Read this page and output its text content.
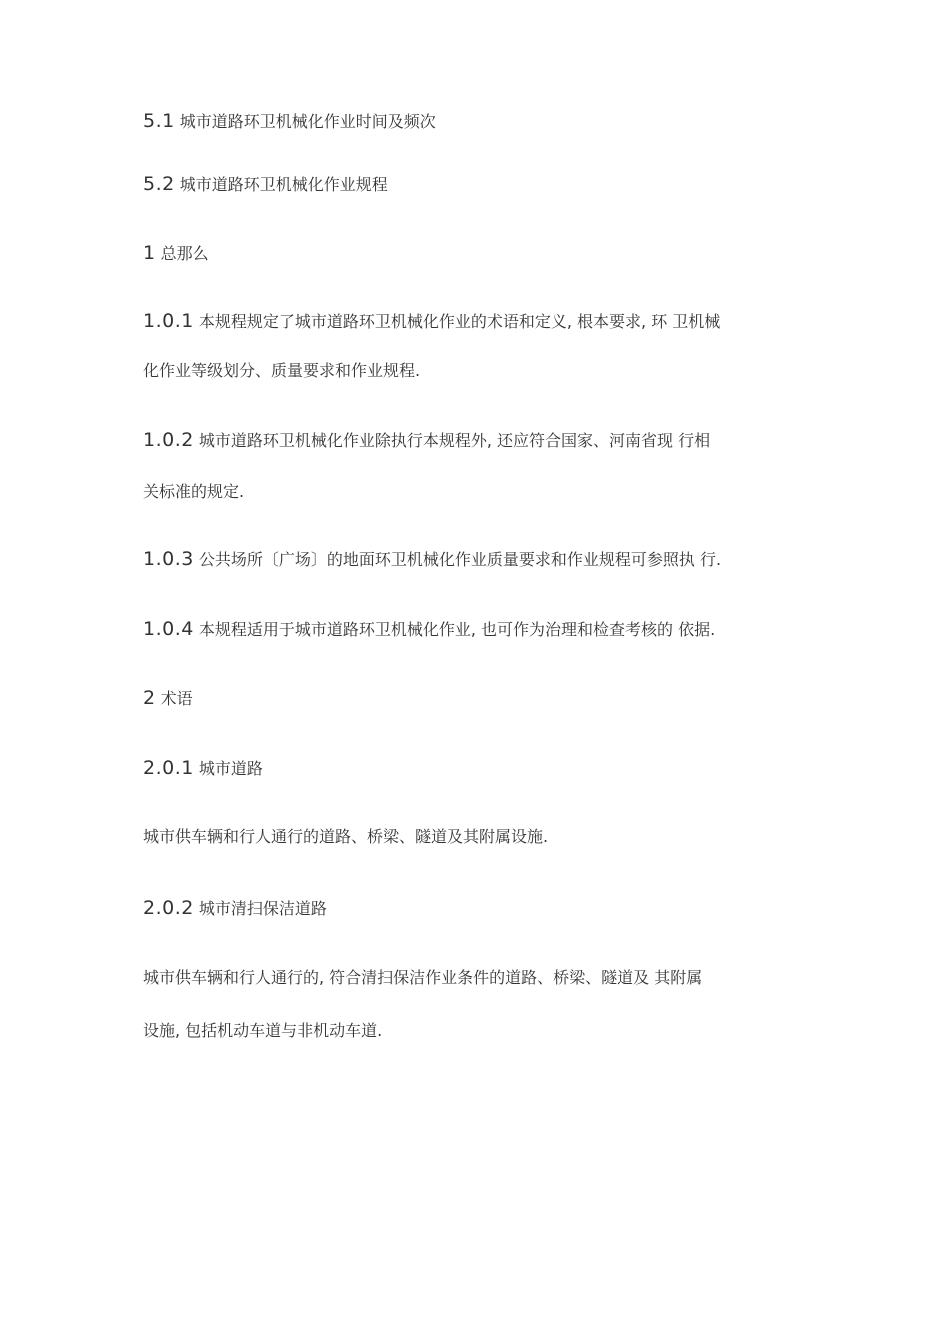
5.1 城市道路环卫机械化作业时间及频次
5.2 城市道路环卫机械化作业规程
1 总那么
1.0.1 本规程规定了城市道路环卫机械化作业的术语和定义, 根本要求, 环 卫机械
化作业等级划分、质量要求和作业规程.
1.0.2 城市道路环卫机械化作业除执行本规程外, 还应符合国家、河南省现 行相
关标准的规定.
1.0.3 公共场所〔广场〕的地面环卫机械化作业质量要求和作业规程可参照执 行.
1.0.4 本规程适用于城市道路环卫机械化作业, 也可作为治理和检查考核的 依据.
2 术语
2.0.1 城市道路
城市供车辆和行人通行的道路、桥梁、隧道及其附属设施.
2.0.2 城市清扫保洁道路
城市供车辆和行人通行的, 符合清扫保洁作业条件的道路、桥梁、隧道及 其附属
设施, 包括机动车道与非机动车道.
